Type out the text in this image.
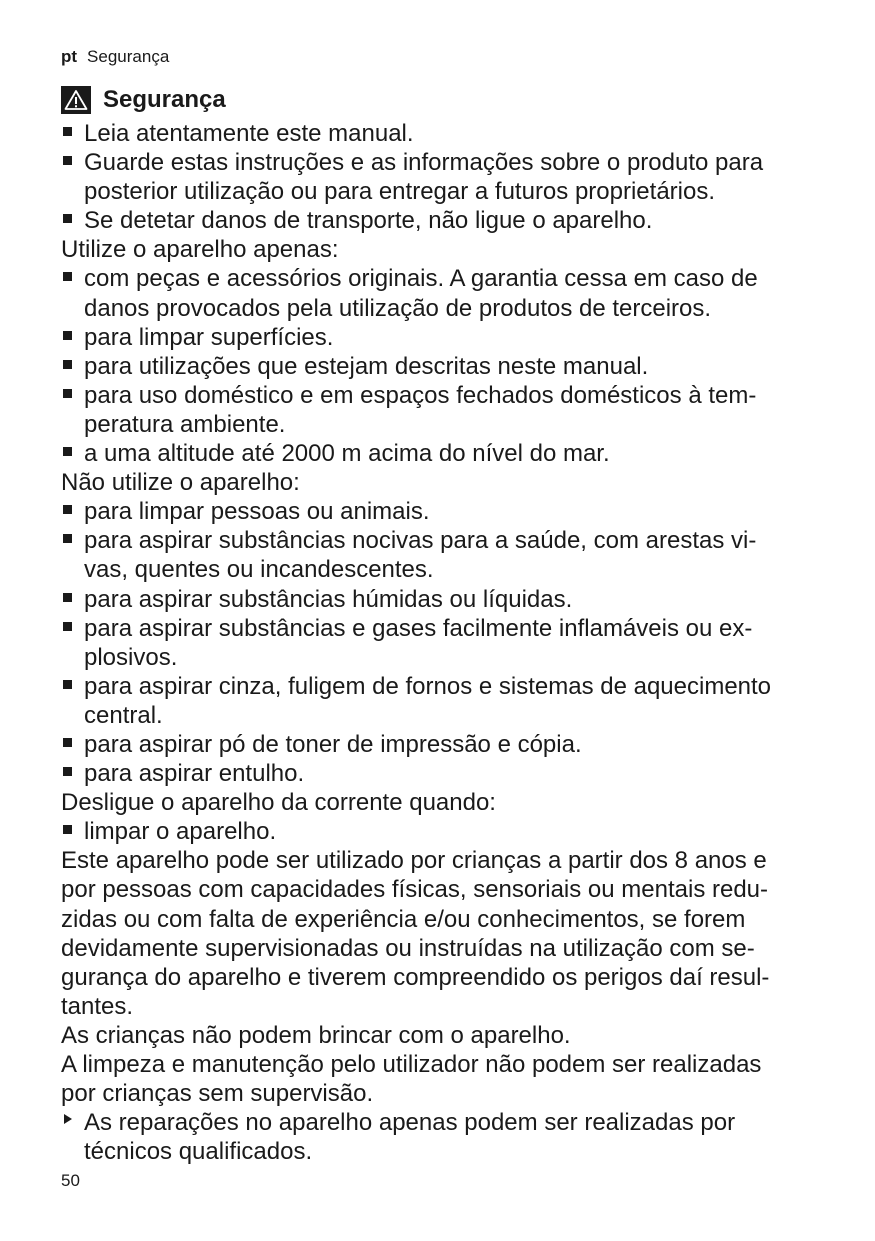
pt Segurança
Segurança
Leia atentamente este manual.
Guarde estas instruções e as informações sobre o produto para
posterior utilização ou para entregar a futuros proprietários.
Se detetar danos de transporte, não ligue o aparelho.
Utilize o aparelho apenas:
com peças e acessórios originais. A garantia cessa em caso de
danos provocados pela utilização de produtos de terceiros.
para limpar superfícies.
para utilizações que estejam descritas neste manual.
para uso doméstico e em espaços fechados domésticos à tem-
peratura ambiente.
a uma altitude até 2000 m acima do nível do mar.
Não utilize o aparelho:
para limpar pessoas ou animais.
para aspirar substâncias nocivas para a saúde, com arestas vi-
vas, quentes ou incandescentes.
para aspirar substâncias húmidas ou líquidas.
para aspirar substâncias e gases facilmente inflamáveis ou ex-
plosivos.
para aspirar cinza, fuligem de fornos e sistemas de aquecimento
central.
para aspirar pó de toner de impressão e cópia.
para aspirar entulho.
Desligue o aparelho da corrente quando:
limpar o aparelho.
Este aparelho pode ser utilizado por crianças a partir dos 8 anos e
por pessoas com capacidades físicas, sensoriais ou mentais redu-
zidas ou com falta de experiência e/ou conhecimentos, se forem
devidamente supervisionadas ou instruídas na utilização com se-
gurança do aparelho e tiverem compreendido os perigos daí resul-
tantes.
As crianças não podem brincar com o aparelho.
A limpeza e manutenção pelo utilizador não podem ser realizadas
por crianças sem supervisão.
As reparações no aparelho apenas podem ser realizadas por
técnicos qualificados.
50
